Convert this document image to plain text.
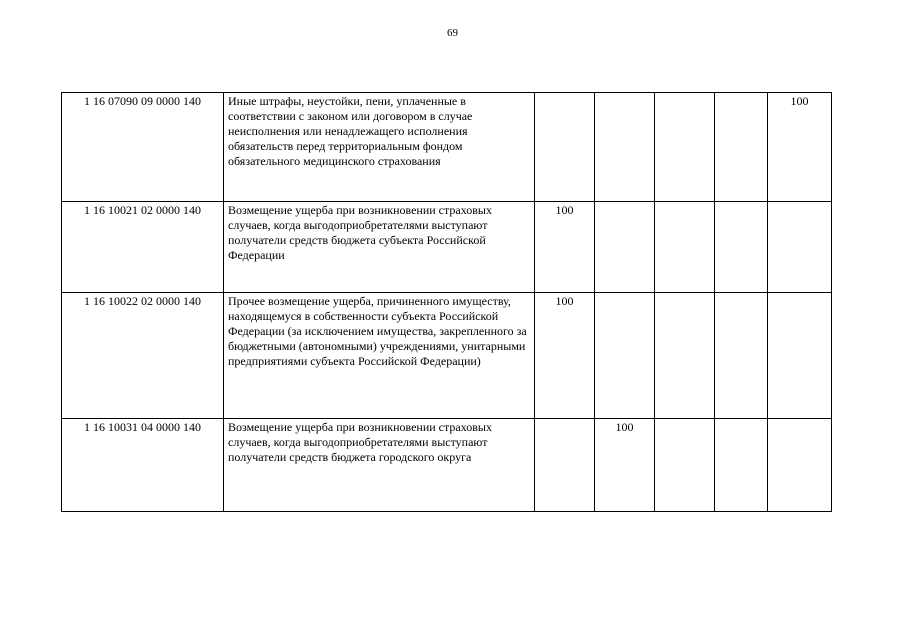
69
1 16 07090 09 0000 140	Иные штрафы, неустойки, пени, уплаченные в соответствии с законом или договором в случае неисполнения или ненадлежащего исполнения обязательств перед территориальным фондом обязательного медицинского страхования					100
1 16 10021 02 0000 140	Возмещение ущерба при возникновении страховых случаев, когда выгодоприобретателями выступают получатели средств бюджета субъекта Российской Федерации	100				
1 16 10022 02 0000 140	Прочее возмещение ущерба, причиненного имуществу, находящемуся в собственности субъекта Российской Федерации (за исключением имущества, закрепленного за бюджетными (автономными) учреждениями, унитарными предприятиями субъекта Российской Федерации)	100				
1 16 10031 04 0000 140	Возмещение ущерба при возникновении страховых случаев, когда выгодоприобретателями выступают получатели средств бюджета городского округа		100			
